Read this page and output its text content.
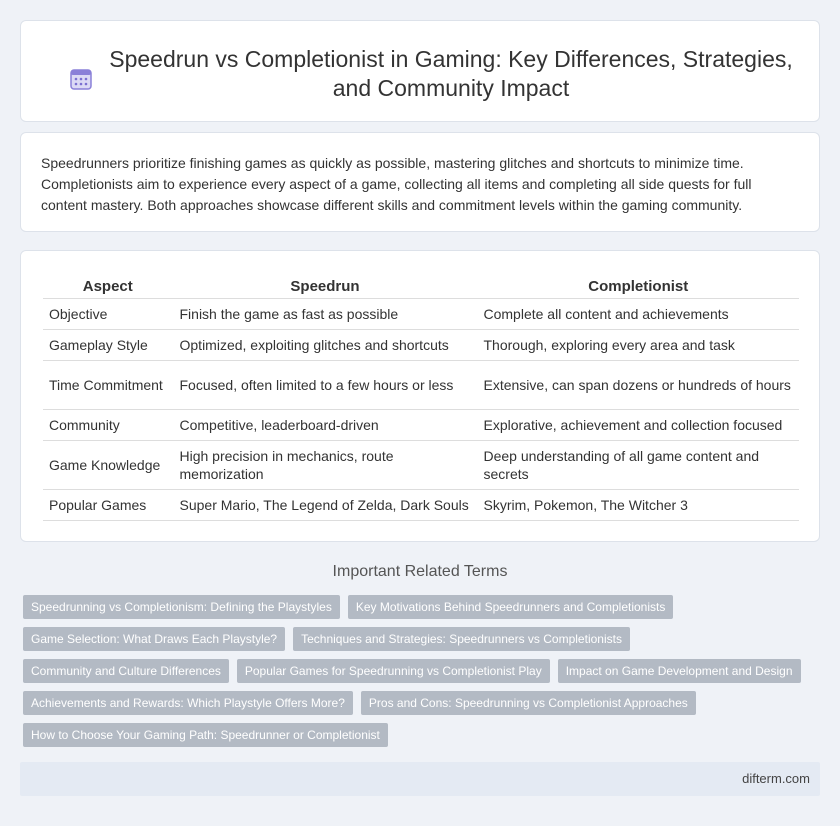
Speedrun vs Completionist in Gaming: Key Differences, Strategies, and Community Impact

Speedrunners prioritize finishing games as quickly as possible, mastering glitches and shortcuts to minimize time. Completionists aim to experience every aspect of a game, collecting all items and completing all side quests for full content mastery. Both approaches showcase different skills and commitment levels within the gaming community.

Aspect	Speedrun	Completionist
Objective	Finish the game as fast as possible	Complete all content and achievements
Gameplay Style	Optimized, exploiting glitches and shortcuts	Thorough, exploring every area and task
Time Commitment	Focused, often limited to a few hours or less	Extensive, can span dozens or hundreds of hours
Community	Competitive, leaderboard-driven	Explorative, achievement and collection focused
Game Knowledge	High precision in mechanics, route memorization	Deep understanding of all game content and secrets
Popular Games	Super Mario, The Legend of Zelda, Dark Souls	Skyrim, Pokemon, The Witcher 3
Important Related Terms
Speedrunning vs Completionism: Defining the Playstyles	Key Motivations Behind Speedrunners and Completionists
Game Selection: What Draws Each Playstyle?	Techniques and Strategies: Speedrunners vs Completionists
Community and Culture Differences	Popular Games for Speedrunning vs Completionist Play	Impact on Game Development and Design
Achievements and Rewards: Which Playstyle Offers More?	Pros and Cons: Speedrunning vs Completionist Approaches
How to Choose Your Gaming Path: Speedrunner or Completionist
difterm.com
